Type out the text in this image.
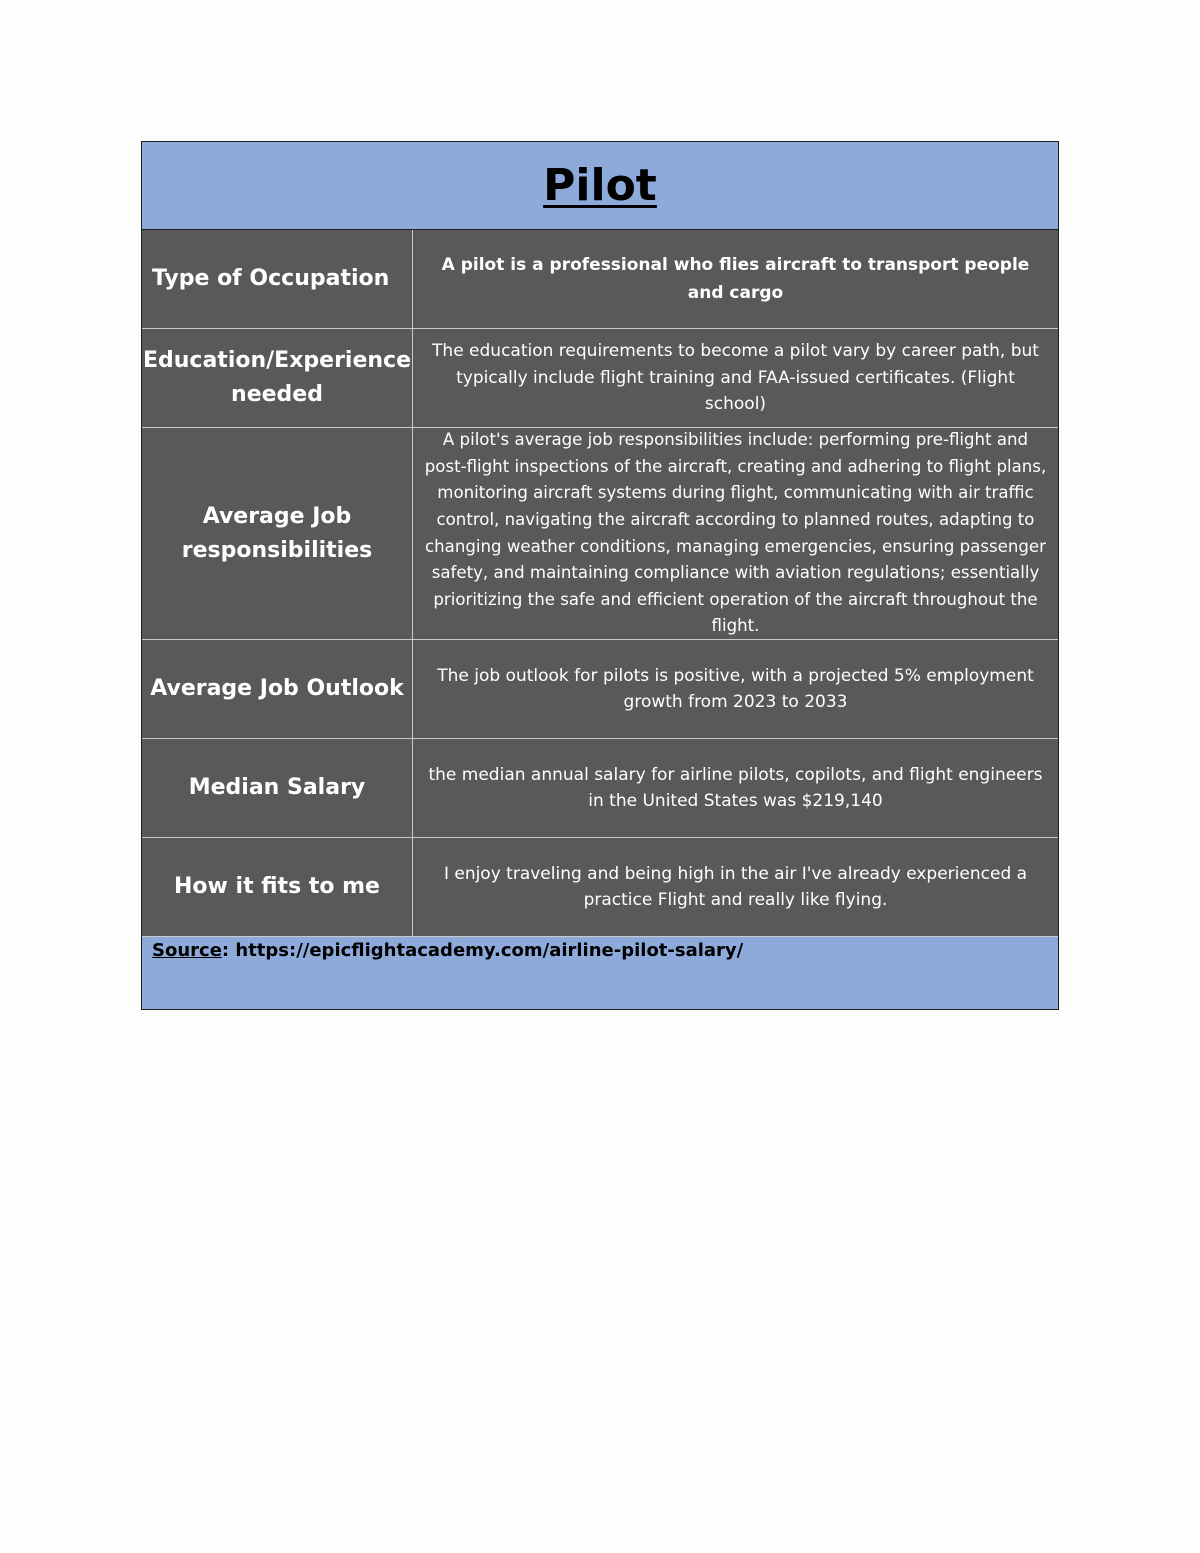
Pilot
Type of Occupation
A pilot is a professional who flies aircraft to transport people and cargo
Education/Experience needed
The education requirements to become a pilot vary by career path, but typically include flight training and FAA-issued certificates. (Flight school)
Average Job responsibilities
A pilot's average job responsibilities include: performing pre-flight and post-flight inspections of the aircraft, creating and adhering to flight plans, monitoring aircraft systems during flight, communicating with air traffic control, navigating the aircraft according to planned routes, adapting to changing weather conditions, managing emergencies, ensuring passenger safety, and maintaining compliance with aviation regulations; essentially prioritizing the safe and efficient operation of the aircraft throughout the flight.
Average Job Outlook
The job outlook for pilots is positive, with a projected 5% employment growth from 2023 to 2033
Median Salary
the median annual salary for airline pilots, copilots, and flight engineers in the United States was $219,140
How it fits to me
I enjoy traveling and being high in the air I've already experienced a practice Flight and really like flying.
Source: https://epicflightacademy.com/airline-pilot-salary/
